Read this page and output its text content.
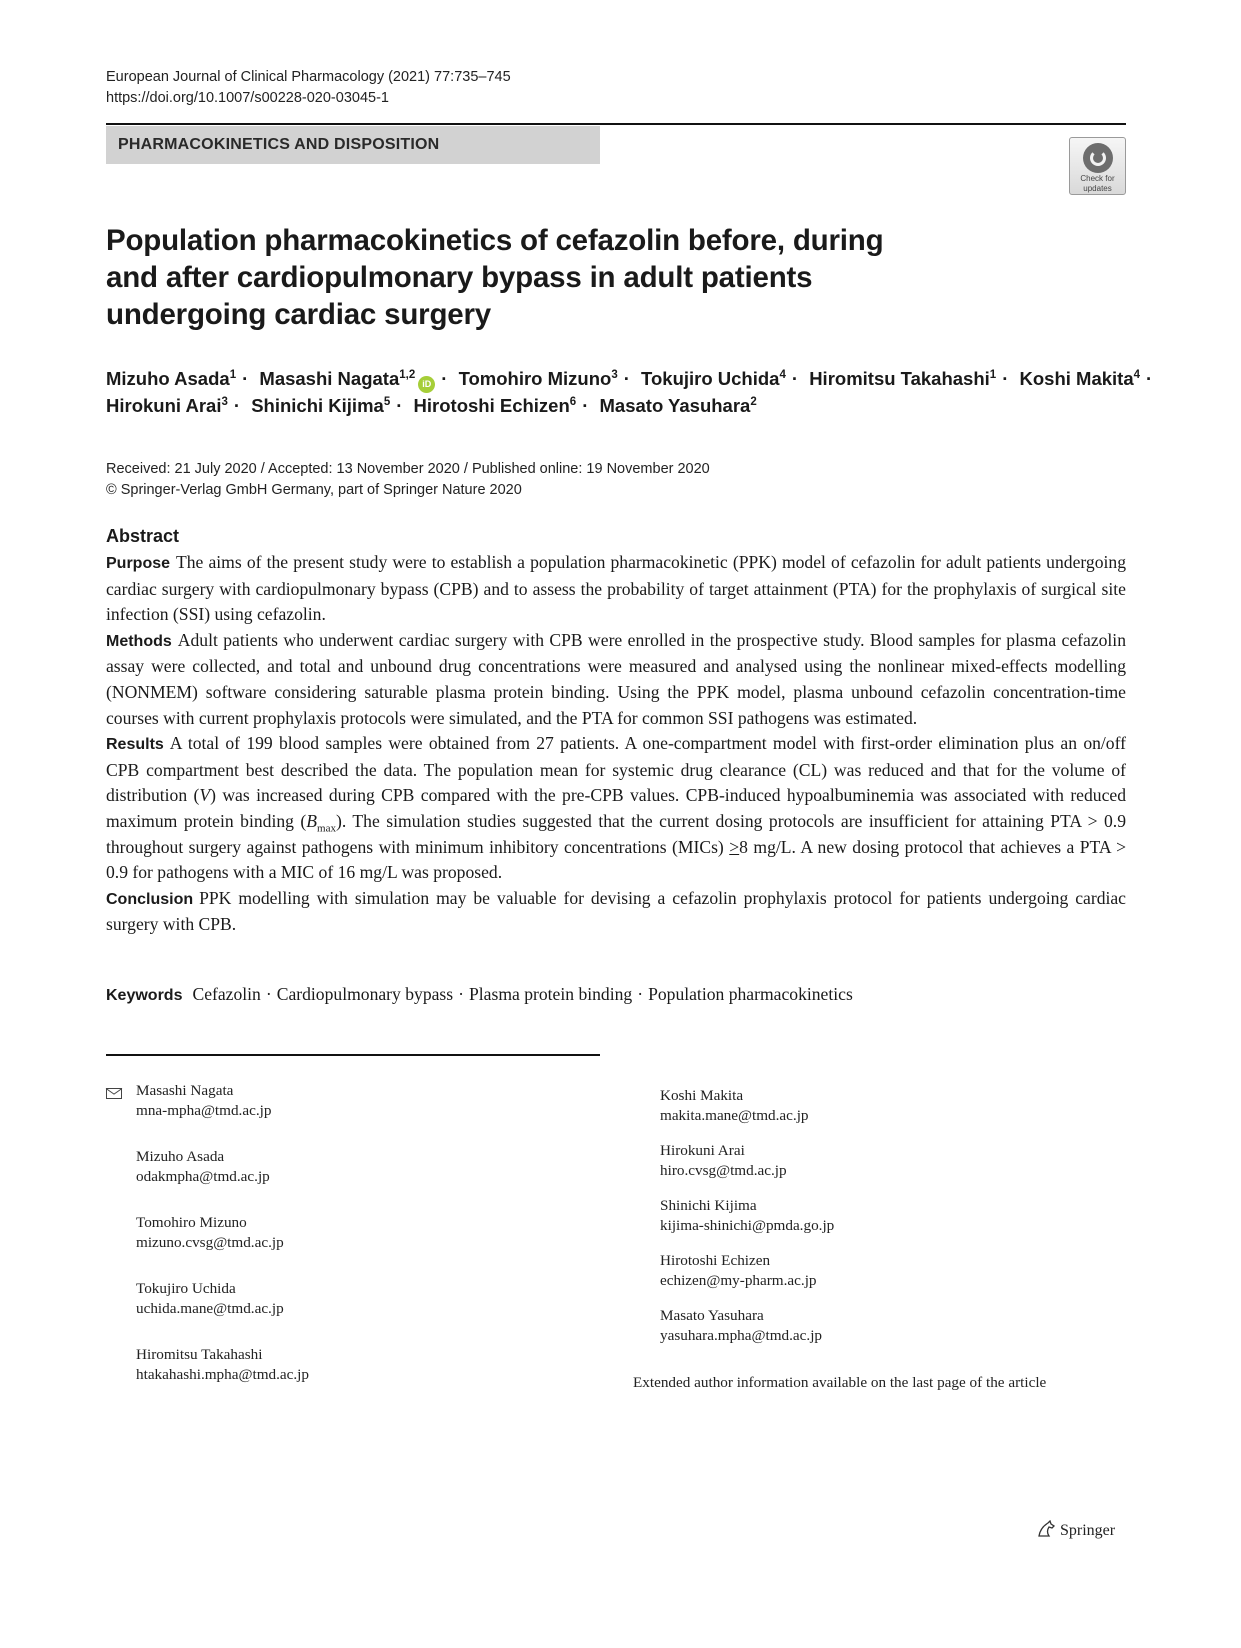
European Journal of Clinical Pharmacology (2021) 77:735–745
https://doi.org/10.1007/s00228-020-03045-1
PHARMACOKINETICS AND DISPOSITION
Check for
updates
Population pharmacokinetics of cefazolin before, during
and after cardiopulmonary bypass in adult patients
undergoing cardiac surgery
Mizuho Asada$^1$ · Masashi Nagata$^{1,2}$iD · Tomohiro Mizuno$^3$ · Tokujiro Uchida$^4$ · Hiromitsu Takahashi$^1$ · Koshi Makita$^4$ ·
Hirokuni Arai$^3$ · Shinichi Kijima$^5$ · Hirotoshi Echizen$^6$ · Masato Yasuhara$^2$
Received: 21 July 2020 / Accepted: 13 November 2020 / Published online: 19 November 2020
© Springer-Verlag GmbH Germany, part of Springer Nature 2020
Abstract

Purpose The aims of the present study were to establish a population pharmacokinetic (PPK) model of cefazolin for adult patients undergoing cardiac surgery with cardiopulmonary bypass (CPB) and to assess the probability of target attainment (PTA) for the prophylaxis of surgical site infection (SSI) using cefazolin.

Methods Adult patients who underwent cardiac surgery with CPB were enrolled in the prospective study. Blood samples for plasma cefazolin assay were collected, and total and unbound drug concentrations were measured and analysed using the nonlinear mixed-effects modelling (NONMEM) software considering saturable plasma protein binding. Using the PPK model, plasma unbound cefazolin concentration-time courses with current prophylaxis protocols were simulated, and the PTA for common SSI pathogens was estimated.

Results A total of 199 blood samples were obtained from 27 patients. A one-compartment model with first-order elimination plus an on/off CPB compartment best described the data. The population mean for systemic drug clearance (CL) was reduced and that for the volume of distribution (V) was increased during CPB compared with the pre-CPB values. CPB-induced hypoalbuminemia was associated with reduced maximum protein binding $(B_{max})$. The simulation studies suggested that the current dosing protocols are insufficient for attaining PTA > 0.9 throughout surgery against pathogens with minimum inhibitory concentrations (MICs) ≥8 mg/L. A new dosing protocol that achieves a PTA > 0.9 for pathogens with a MIC of 16 mg/L was proposed.

Conclusion PPK modelling with simulation may be valuable for devising a cefazolin prophylaxis protocol for patients undergoing cardiac surgery with CPB.

Keywords Cefazolin · Cardiopulmonary bypass · Plasma protein binding · Population pharmacokinetics
Masashi Nagata
mna-mpha@tmd.ac.jp
Mizuho Asada
odakmpha@tmd.ac.jp
Tomohiro Mizuno
mizuno.cvsg@tmd.ac.jp
Tokujiro Uchida
uchida.mane@tmd.ac.jp
Hiromitsu Takahashi
htakahashi.mpha@tmd.ac.jp
Koshi Makita
makita.mane@tmd.ac.jp
Hirokuni Arai
hiro.cvsg@tmd.ac.jp
Shinichi Kijima
kijima-shinichi@pmda.go.jp
Hirotoshi Echizen
echizen@my-pharm.ac.jp
Masato Yasuhara
yasuhara.mpha@tmd.ac.jp
Extended author information available on the last page of the article
Springer
